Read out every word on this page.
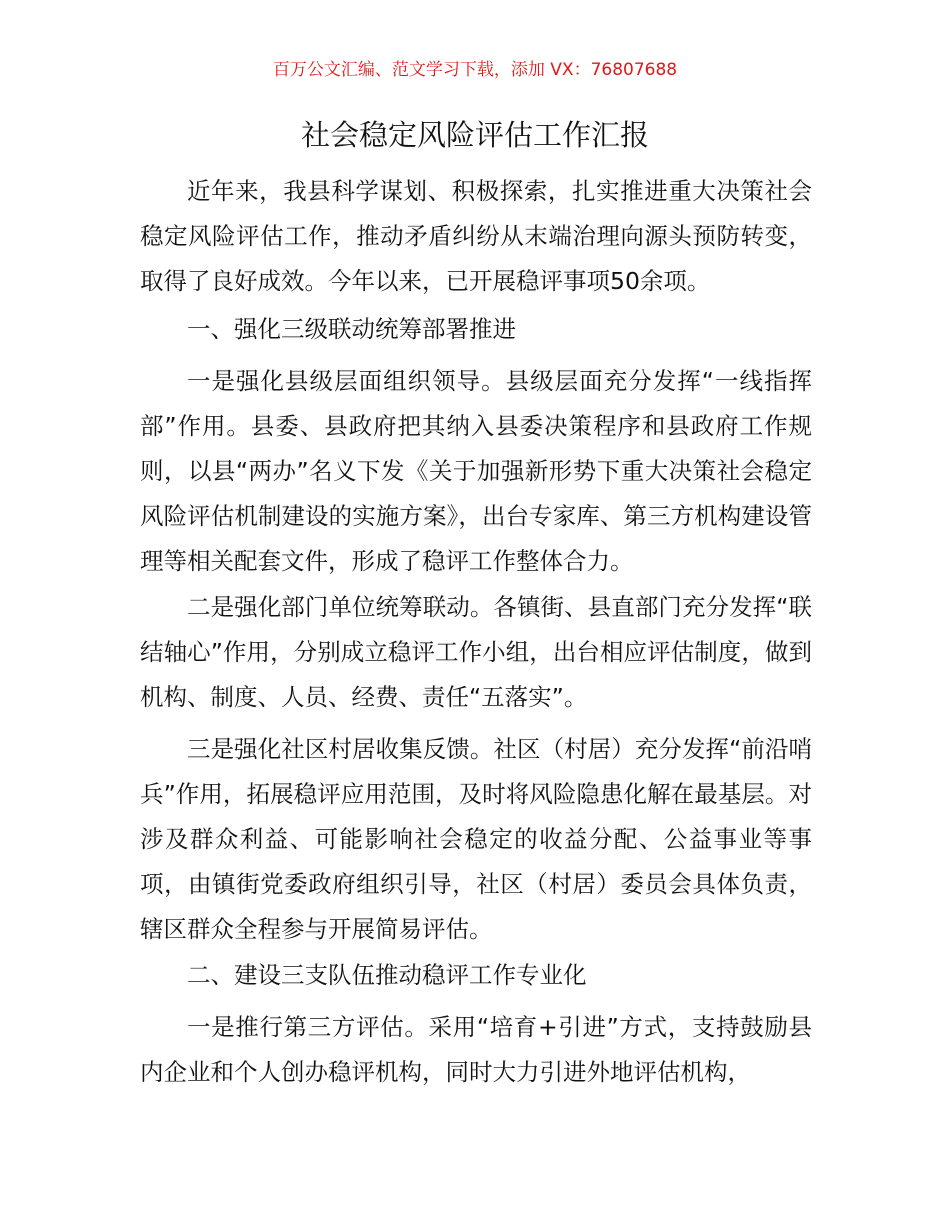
百万公文汇编、范文学习下载，添加 VX：76807688
社会稳定风险评估工作汇报

近年来，我县科学谋划、积极探索，扎实推进重大决策社会稳定风险评估工作，推动矛盾纠纷从末端治理向源头预防转变，取得了良好成效。今年以来，已开展稳评事项50余项。

一、强化三级联动统筹部署推进

一是强化县级层面组织领导。县级层面充分发挥“一线指挥部”作用。县委、县政府把其纳入县委决策程序和县政府工作规则，以县“两办”名义下发《关于加强新形势下重大决策社会稳定风险评估机制建设的实施方案》，出台专家库、第三方机构建设管理等相关配套文件，形成了稳评工作整体合力。

二是强化部门单位统筹联动。各镇街、县直部门充分发挥“联结轴心”作用，分别成立稳评工作小组，出台相应评估制度，做到机构、制度、人员、经费、责任“五落实”。

三是强化社区村居收集反馈。社区（村居）充分发挥“前沿哨兵”作用，拓展稳评应用范围，及时将风险隐患化解在最基层。对涉及群众利益、可能影响社会稳定的收益分配、公益事业等事项，由镇街党委政府组织引导，社区（村居）委员会具体负责，辖区群众全程参与开展简易评估。

二、建设三支队伍推动稳评工作专业化

一是推行第三方评估。采用“培育+引进”方式，支持鼓励县内企业和个人创办稳评机构，同时大力引进外地评估机构，
